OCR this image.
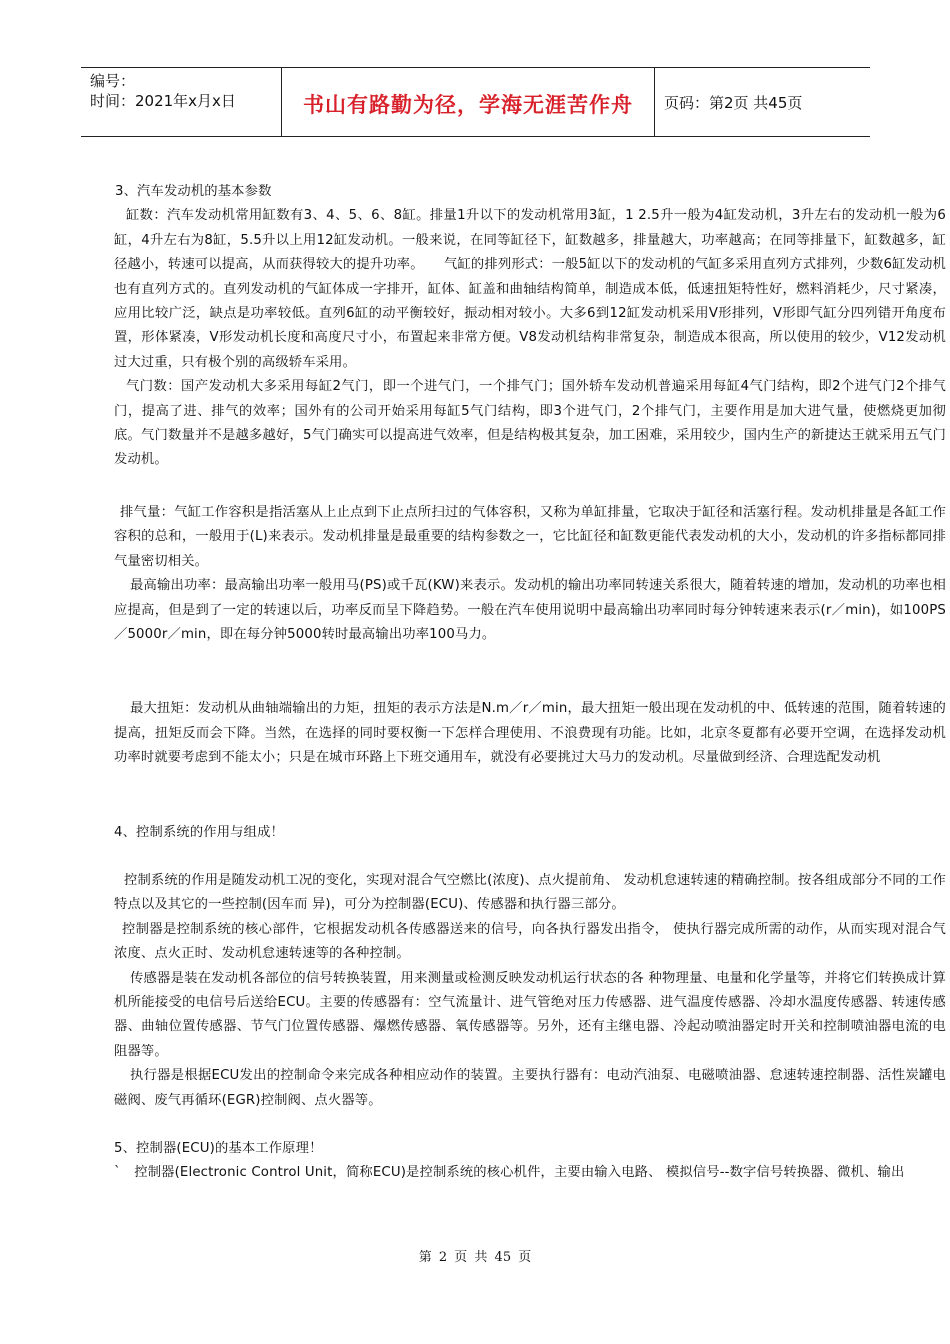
编号：
时间：2021年x月x日	书山有路勤为径，学海无涯苦作舟 页码：第2页 共45页

3、汽车发动机的基本参数

缸数：汽车发动机常用缸数有3、4、5、6、8缸。排量1升以下的发动机常用3缸，1 2.5升一般为4缸发动机，3升左右的发动机一般为6缸，4升左右为8缸，5.5升以上用12缸发动机。一般来说，在同等缸径下，缸数越多，排量越大，功率越高；在同等排量下，缸数越多，缸径越小，转速可以提高，从而获得较大的提升功率。　　气缸的排列形式：一般5缸以下的发动机的气缸多采用直列方式排列，少数6缸发动机也有直列方式的。直列发动机的气缸体成一字排开，缸体、缸盖和曲轴结构简单，制造成本低，低速扭矩特性好，燃料消耗少，尺寸紧凑，应用比较广泛，缺点是功率较低。直列6缸的动平衡较好，振动相对较小。大多6到12缸发动机采用V形排列，V形即气缸分四列错开角度布置，形体紧凑，V形发动机长度和高度尺寸小，布置起来非常方便。V8发动机结构非常复杂，制造成本很高，所以使用的较少，V12发动机过大过重，只有极个别的高级轿车采用。

气门数：国产发动机大多采用每缸2气门，即一个进气门，一个排气门；国外轿车发动机普遍采用每缸4气门结构，即2个进气门2个排气门，提高了进、排气的效率；国外有的公司开始采用每缸5气门结构，即3个进气门，2个排气门，主要作用是加大进气量，使燃烧更加彻底。气门数量并不是越多越好，5气门确实可以提高进气效率，但是结构极其复杂，加工困难，采用较少，国内生产的新捷达王就采用五气门发动机。

排气量：气缸工作容积是指活塞从上止点到下止点所扫过的气体容积，又称为单缸排量，它取决于缸径和活塞行程。发动机排量是各缸工作容积的总和，一般用于(L)来表示。发动机排量是最重要的结构参数之一，它比缸径和缸数更能代表发动机的大小，发动机的许多指标都同排气量密切相关。

最高输出功率：最高输出功率一般用马(PS)或千瓦(KW)来表示。发动机的输出功率同转速关系很大，随着转速的增加，发动机的功率也相应提高，但是到了一定的转速以后，功率反而呈下降趋势。一般在汽车使用说明中最高输出功率同时每分钟转速来表示(r／min)，如100PS／5000r／min，即在每分钟5000转时最高输出功率100马力。

最大扭矩：发动机从曲轴端输出的力矩，扭矩的表示方法是N.m／r／min，最大扭矩一般出现在发动机的中、低转速的范围，随着转速的提高，扭矩反而会下降。当然，在选择的同时要权衡一下怎样合理使用、不浪费现有功能。比如，北京冬夏都有必要开空调，在选择发动机功率时就要考虑到不能太小；只是在城市环路上下班交通用车，就没有必要挑过大马力的发动机。尽量做到经济、合理选配发动机

4、控制系统的作用与组成！

控制系统的作用是随发动机工况的变化，实现对混合气空燃比(浓度)、点火提前角、 发动机怠速转速的精确控制。按各组成部分不同的工作特点以及其它的一些控制(因车而 异)，可分为控制器(ECU)、传感器和执行器三部分。

控制器是控制系统的核心部件，它根据发动机各传感器送来的信号，向各执行器发出指令， 使执行器完成所需的动作，从而实现对混合气浓度、点火正时、发动机怠速转速等的各种控制。

传感器是装在发动机各部位的信号转换装置，用来测量或检测反映发动机运行状态的各 种物理量、电量和化学量等，并将它们转换成计算机所能接受的电信号后送给ECU。主要的传感器有：空气流量计、进气管绝对压力传感器、进气温度传感器、冷却水温度传感器、转速传感器、曲轴位置传感器、节气门位置传感器、爆燃传感器、氧传感器等。另外，还有主继电器、冷起动喷油器定时开关和控制喷油器电流的电阻器等。

执行器是根据ECU发出的控制命令来完成各种相应动作的装置。主要执行器有：电动汽油泵、电磁喷油器、怠速转速控制器、活性炭罐电磁阀、废气再循环(EGR)控制阀、点火器等。

5、控制器(ECU)的基本工作原理！

`　控制器(Electronic Control Unit，简称ECU)是控制系统的核心机件，主要由输入电路、 模拟信号--数字信号转换器、微机、输出

第 2 页 共 45 页
